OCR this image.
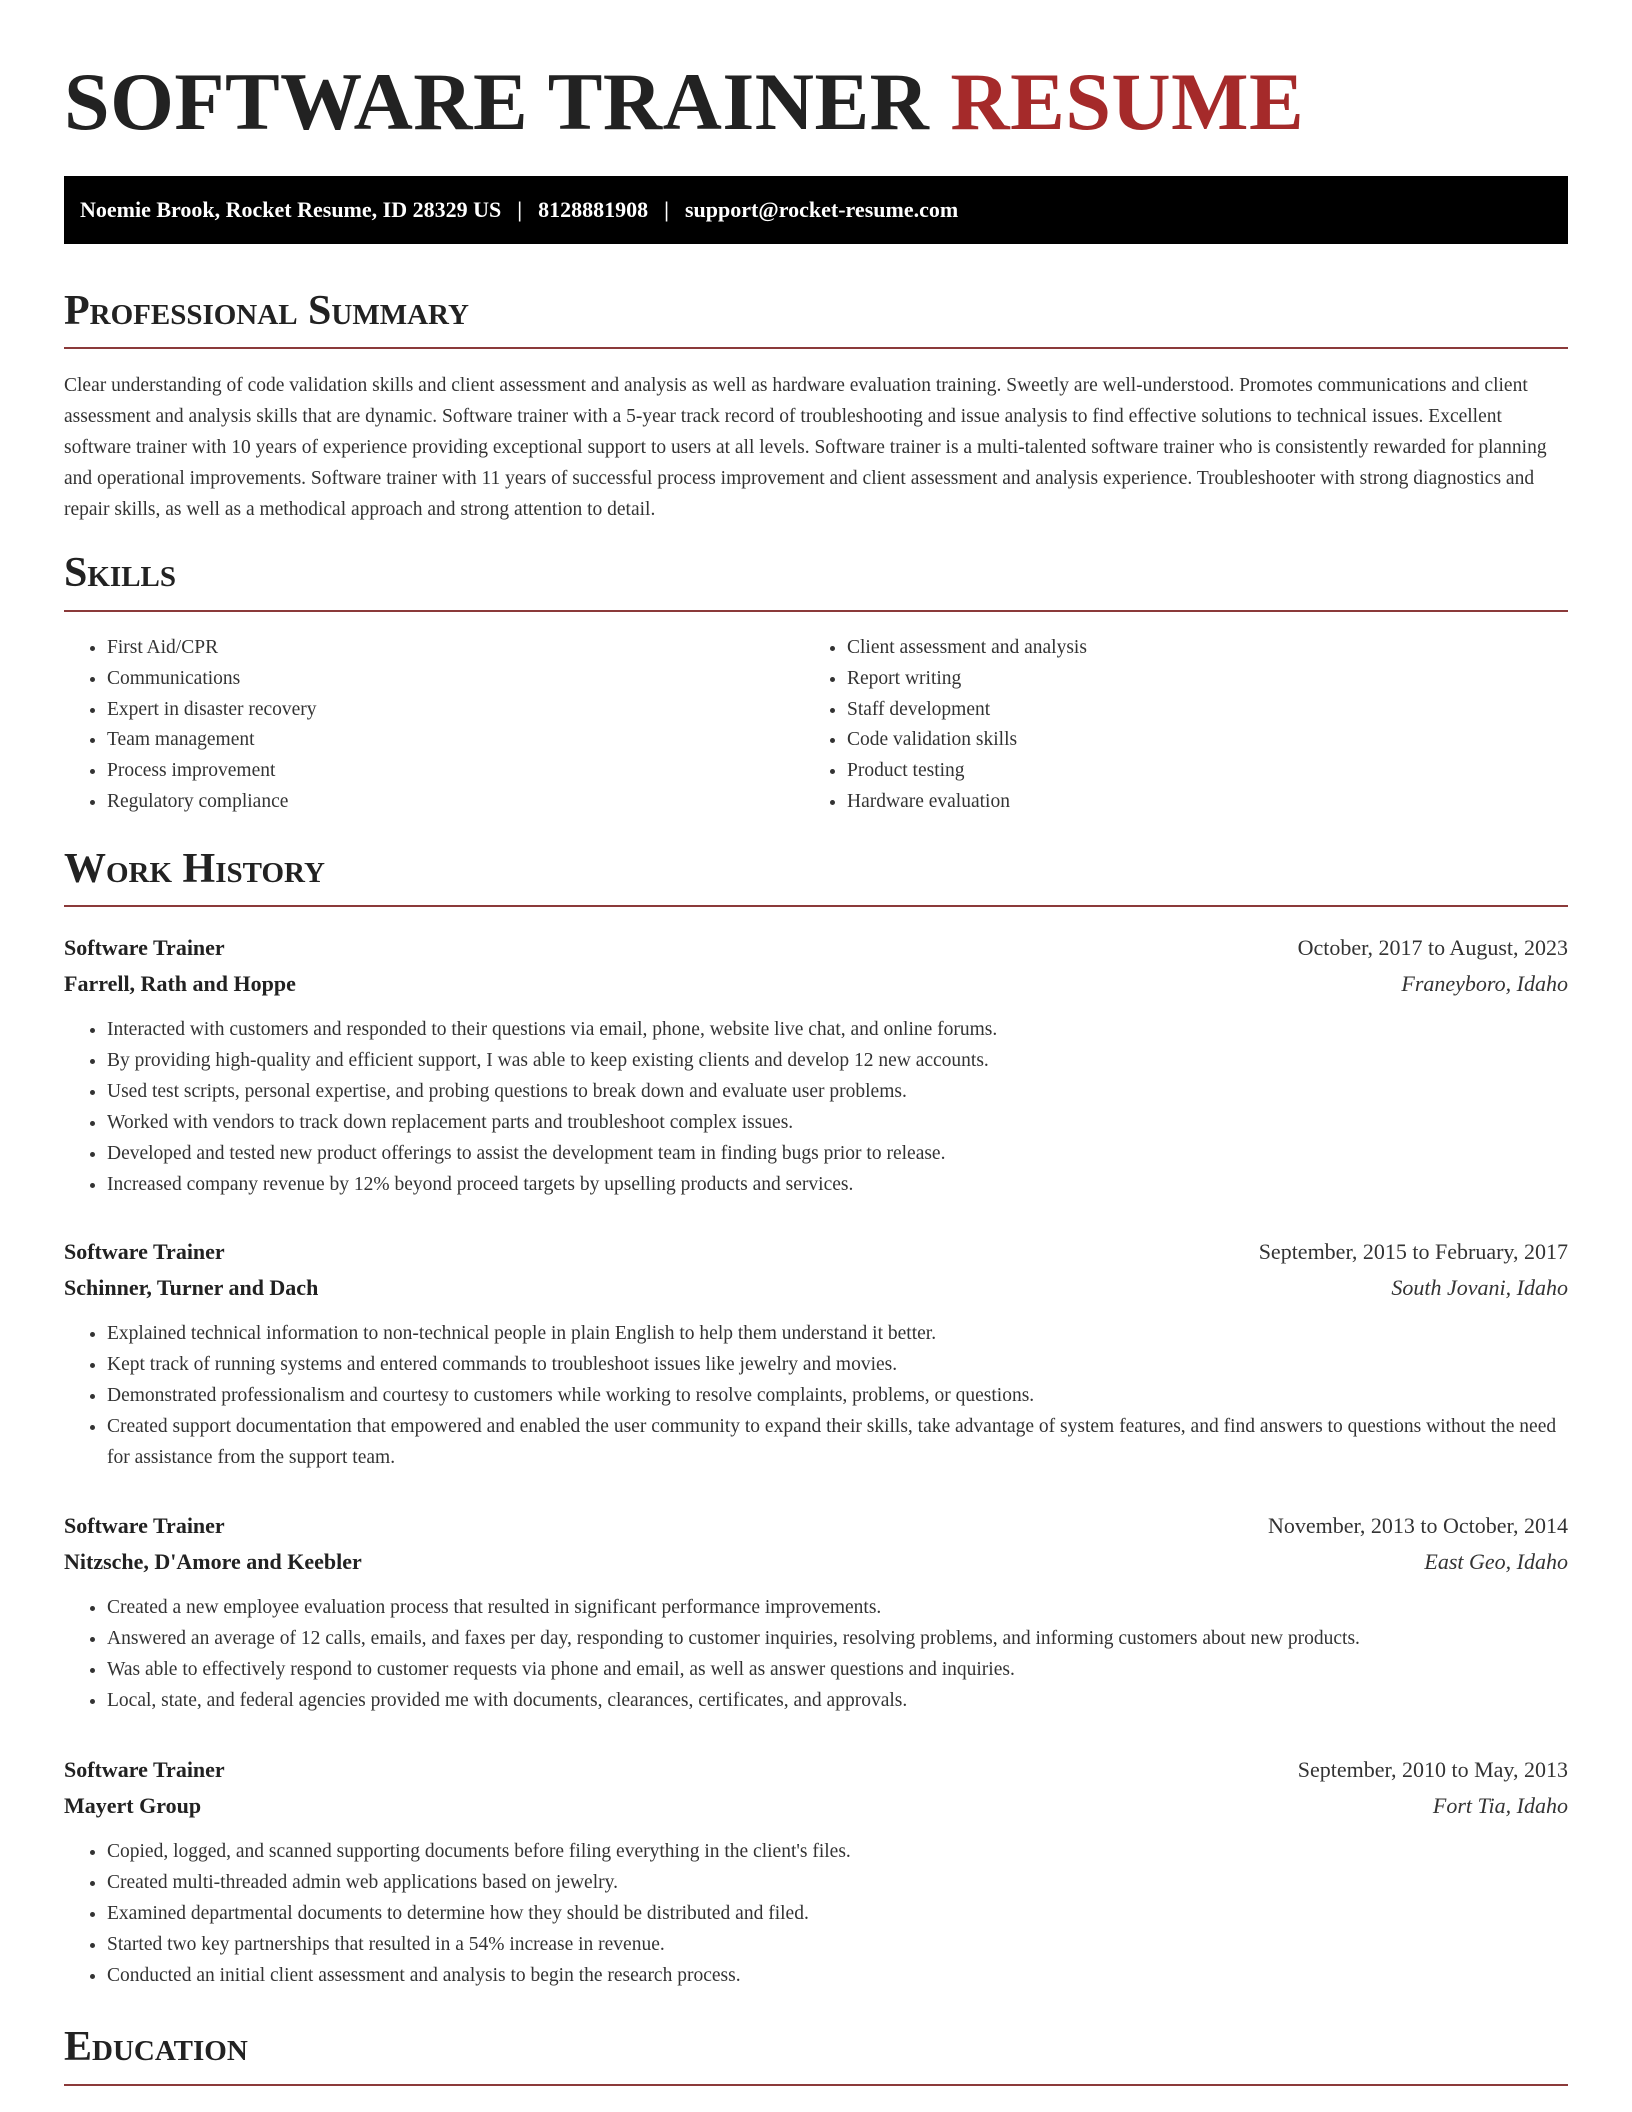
SOFTWARE TRAINER RESUME
Noemie Brook, Rocket Resume, ID 28329 US | 8128881908 | support@rocket-resume.com
Professional Summary

Clear understanding of code validation skills and client assessment and analysis as well as hardware evaluation training. Sweetly are well-understood. Promotes communications and client assessment and analysis skills that are dynamic. Software trainer with a 5-year track record of troubleshooting and issue analysis to find effective solutions to technical issues. Excellent software trainer with 10 years of experience providing exceptional support to users at all levels. Software trainer is a multi-talented software trainer who is consistently rewarded for planning and operational improvements. Software trainer with 11 years of successful process improvement and client assessment and analysis experience. Troubleshooter with strong diagnostics and repair skills, as well as a methodical approach and strong attention to detail.

Skills
• First Aid/CPR
• Communications
• Expert in disaster recovery
• Team management
• Process improvement
• Regulatory compliance
• Client assessment and analysis
• Report writing
• Staff development
• Code validation skills
• Product testing
• Hardware evaluation
Work History
Software Trainer	October, 2017 to August, 2023
Farrell, Rath and Hoppe	Franeyboro, Idaho
• Interacted with customers and responded to their questions via email, phone, website live chat, and online forums.
• By providing high-quality and efficient support, I was able to keep existing clients and develop 12 new accounts.
• Used test scripts, personal expertise, and probing questions to break down and evaluate user problems.
• Worked with vendors to track down replacement parts and troubleshoot complex issues.
• Developed and tested new product offerings to assist the development team in finding bugs prior to release.
• Increased company revenue by 12% beyond proceed targets by upselling products and services.
Software Trainer	September, 2015 to February, 2017
Schinner, Turner and Dach	South Jovani, Idaho
• Explained technical information to non-technical people in plain English to help them understand it better.
• Kept track of running systems and entered commands to troubleshoot issues like jewelry and movies.
• Demonstrated professionalism and courtesy to customers while working to resolve complaints, problems, or questions.
• Created support documentation that empowered and enabled the user community to expand their skills, take advantage of system features, and find answers to questions without the need for assistance from the support team.
Software Trainer	November, 2013 to October, 2014
Nitzsche, D'Amore and Keebler	East Geo, Idaho
• Created a new employee evaluation process that resulted in significant performance improvements.
• Answered an average of 12 calls, emails, and faxes per day, responding to customer inquiries, resolving problems, and informing customers about new products.
• Was able to effectively respond to customer requests via phone and email, as well as answer questions and inquiries.
• Local, state, and federal agencies provided me with documents, clearances, certificates, and approvals.
Software Trainer	September, 2010 to May, 2013
Mayert Group	Fort Tia, Idaho
• Copied, logged, and scanned supporting documents before filing everything in the client's files.
• Created multi-threaded admin web applications based on jewelry.
• Examined departmental documents to determine how they should be distributed and filed.
• Started two key partnerships that resulted in a 54% increase in revenue.
• Conducted an initial client assessment and analysis to begin the research process.
Education
